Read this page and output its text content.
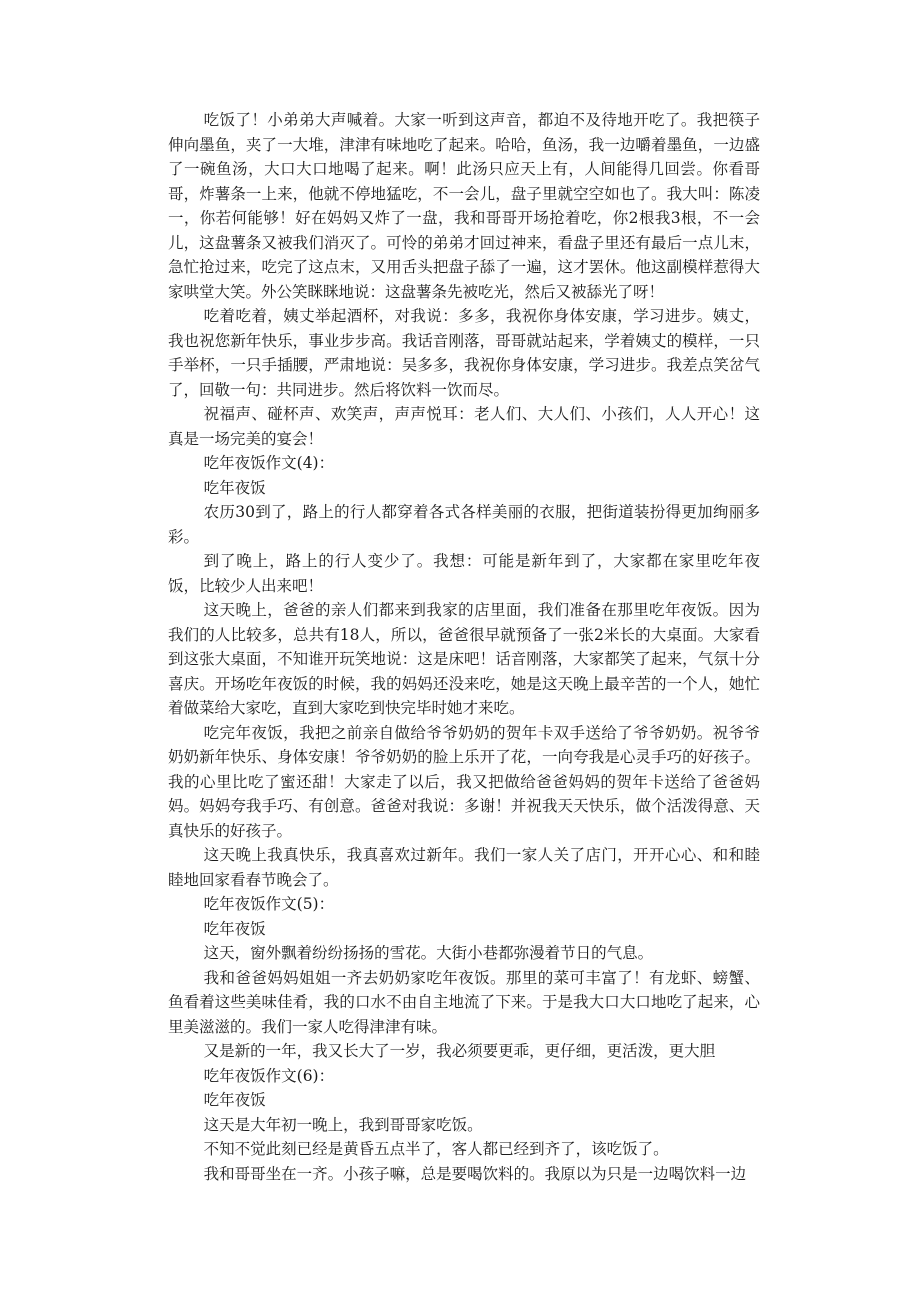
吃饭了！小弟弟大声喊着。大家一听到这声音，都迫不及待地开吃了。我把筷子伸向墨鱼，夹了一大堆，津津有味地吃了起来。哈哈，鱼汤，我一边嚼着墨鱼，一边盛了一碗鱼汤，大口大口地喝了起来。啊！此汤只应天上有，人间能得几回尝。你看哥哥，炸薯条一上来，他就不停地猛吃，不一会儿，盘子里就空空如也了。我大叫：陈凌一，你若何能够！好在妈妈又炸了一盘，我和哥哥开场抢着吃，你2根我3根，不一会儿，这盘薯条又被我们消灭了。可怜的弟弟才回过神来，看盘子里还有最后一点儿末，急忙抢过来，吃完了这点末，又用舌头把盘子舔了一遍，这才罢休。他这副模样惹得大家哄堂大笑。外公笑眯眯地说：这盘薯条先被吃光，然后又被舔光了呀！

吃着吃着，姨丈举起酒杯，对我说：多多，我祝你身体安康，学习进步。姨丈，我也祝您新年快乐，事业步步高。我话音刚落，哥哥就站起来，学着姨丈的模样，一只手举杯，一只手插腰，严肃地说：吴多多，我祝你身体安康，学习进步。我差点笑岔气了，回敬一句：共同进步。然后将饮料一饮而尽。

祝福声、碰杯声、欢笑声，声声悦耳：老人们、大人们、小孩们，人人开心！这真是一场完美的宴会！

吃年夜饭作文(4)：

吃年夜饭

农历30到了，路上的行人都穿着各式各样美丽的衣服，把街道装扮得更加绚丽多彩。

到了晚上，路上的行人变少了。我想：可能是新年到了，大家都在家里吃年夜饭，比较少人出来吧！

这天晚上，爸爸的亲人们都来到我家的店里面，我们准备在那里吃年夜饭。因为我们的人比较多，总共有18人，所以，爸爸很早就预备了一张2米长的大桌面。大家看到这张大桌面，不知谁开玩笑地说：这是床吧！话音刚落，大家都笑了起来，气氛十分喜庆。开场吃年夜饭的时候，我的妈妈还没来吃，她是这天晚上最辛苦的一个人，她忙着做菜给大家吃，直到大家吃到快完毕时她才来吃。

吃完年夜饭，我把之前亲自做给爷爷奶奶的贺年卡双手送给了爷爷奶奶。祝爷爷奶奶新年快乐、身体安康！爷爷奶奶的脸上乐开了花，一向夸我是心灵手巧的好孩子。我的心里比吃了蜜还甜！大家走了以后，我又把做给爸爸妈妈的贺年卡送给了爸爸妈妈。妈妈夸我手巧、有创意。爸爸对我说：多谢！并祝我天天快乐，做个活泼得意、天真快乐的好孩子。

这天晚上我真快乐，我真喜欢过新年。我们一家人关了店门，开开心心、和和睦睦地回家看春节晚会了。

吃年夜饭作文(5)：

吃年夜饭

这天，窗外飘着纷纷扬扬的雪花。大街小巷都弥漫着节日的气息。

我和爸爸妈妈姐姐一齐去奶奶家吃年夜饭。那里的菜可丰富了！有龙虾、螃蟹、鱼看着这些美味佳肴，我的口水不由自主地流了下来。于是我大口大口地吃了起来，心里美滋滋的。我们一家人吃得津津有味。

又是新的一年，我又长大了一岁，我必须要更乖，更仔细，更活泼，更大胆

吃年夜饭作文(6)：

吃年夜饭

这天是大年初一晚上，我到哥哥家吃饭。

不知不觉此刻已经是黄昏五点半了，客人都已经到齐了，该吃饭了。

我和哥哥坐在一齐。小孩子嘛，总是要喝饮料的。我原以为只是一边喝饮料一边
